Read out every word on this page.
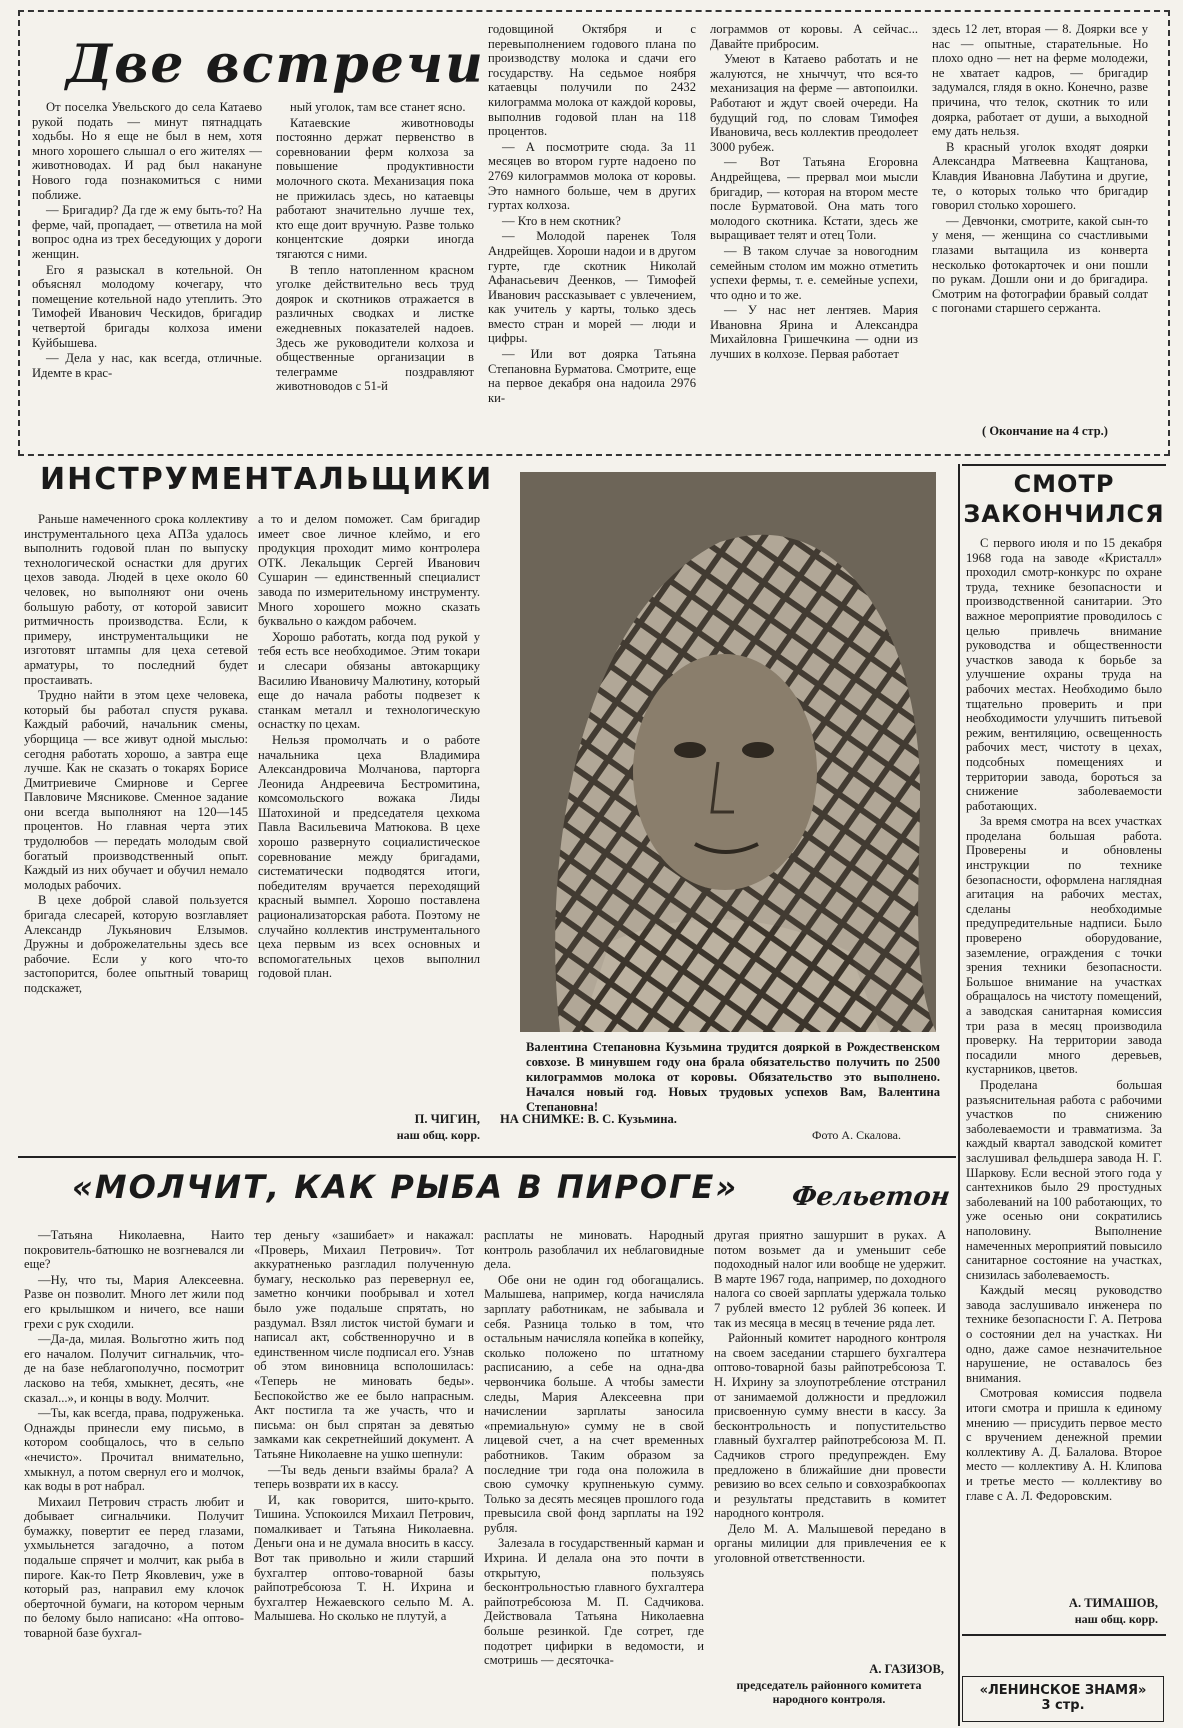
Две встречи

От поселка Увельского до села Катаево рукой подать — минут пятнадцать ходьбы. Но я еще не был в нем, хотя много хорошего слышал о его жителях — животноводах. И рад был накануне Нового года познакомиться с ними поближе.

— Бригадир? Да где ж ему быть-то? На ферме, чай, пропадает, — ответила на мой вопрос одна из трех беседующих у дороги женщин.

Его я разыскал в котельной. Он объяснял молодому кочегару, что помещение котельной надо утеплить. Это Тимофей Иванович Ческидов, бригадир четвертой бригады колхоза имени Куйбышева.

— Дела у нас, как всегда, отличные. Идемте в крас-

ный уголок, там все станет ясно.

Катаевские животноводы постоянно держат первенство в соревновании ферм колхоза за повышение продуктивности молочного скота. Механизация пока не прижилась здесь, но катаевцы работают значительно лучше тех, кто еще доит вручную. Разве только концентские доярки иногда тягаются с ними.

В тепло натопленном красном уголке действительно весь труд доярок и скотников отражается в различных сводках и листке ежедневных показателей надоев. Здесь же руководители колхоза и общественные организации в телеграмме поздравляют животноводов с 51-й

годовщиной Октября и с перевыполнением годового плана по производству молока и сдачи его государству. На седьмое ноября катаевцы получили по 2432 килограмма молока от каждой коровы, выполнив годовой план на 118 процентов.

— А посмотрите сюда. За 11 месяцев во втором гурте надоено по 2769 килограммов молока от коровы. Это намного больше, чем в других гуртах колхоза.

— Кто в нем скотник?

— Молодой паренек Толя Андрейщев. Хороши надои и в другом гурте, где скотник Николай Афанасьевич Деенков, — Тимофей Иванович рассказывает с увлечением, как учитель у карты, только здесь вместо стран и морей — люди и цифры.

— Или вот доярка Татьяна Степановна Бурматова. Смотрите, еще на первое декабря она надоила 2976 ки-

лограммов от коровы. А сейчас... Давайте прибросим.

Умеют в Катаево работать и не жалуются, не хныччут, что вся-то механизация на ферме — автопоилки. Работают и ждут своей очереди. На будущий год, по словам Тимофея Ивановича, весь коллектив преодолеет 3000 рубеж.

— Вот Татьяна Егоровна Андрейщева, — прервал мои мысли бригадир, — которая на втором месте после Бурматовой. Она мать того молодого скотника. Кстати, здесь же выращивает телят и отец Толи.

— В таком случае за новогодним семейным столом им можно отметить успехи фермы, т. е. семейные успехи, что одно и то же.

— У нас нет лентяев. Мария Ивановна Ярина и Александра Михайловна Гришечкина — одни из лучших в колхозе. Первая работает

здесь 12 лет, вторая — 8. Доярки все у нас — опытные, старательные. Но плохо одно — нет на ферме молодежи, не хватает кадров, — бригадир задумался, глядя в окно. Конечно, разве причина, что телок, скотник то или доярка, работает от души, а выходной ему дать нельзя.

В красный уголок входят доярки Александра Матвеевна Кащтанова, Клавдия Ивановна Лабутина и другие, те, о которых только что бригадир говорил столько хорошего.

— Девчонки, смотрите, какой сын-то у меня, — женщина со счастливыми глазами вытащила из конверта несколько фотокарточек и они пошли по рукам. Дошли они и до бригадира. Смотрим на фотографии бравый солдат с погонами старшего сержанта.

( Окончание на 4 стр.)
ИНСТРУМЕНТАЛЬЩИКИ

Раньше намеченного срока коллективу инструментального цеха АПЗа удалось выполнить годовой план по выпуску технологической оснастки для других цехов завода. Людей в цехе около 60 человек, но выполняют они очень большую работу, от которой зависит ритмичность производства. Если, к примеру, инструментальщики не изготовят штампы для цеха сетевой арматуры, то последний будет простаивать.

Трудно найти в этом цехе человека, который бы работал спустя рукава. Каждый рабочий, начальник смены, уборщица — все живут одной мыслью: сегодня работать хорошо, а завтра еще лучше. Как не сказать о токарях Борисе Дмитриевиче Смирнове и Сергее Павловиче Мясникове. Сменное задание они всегда выполняют на 120—145 процентов. Но главная черта этих трудолюбов — передать молодым свой богатый производственный опыт. Каждый из них обучает и обучил немало молодых рабочих.

В цехе доброй славой пользуется бригада слесарей, которую возглавляет Александр Лукьянович Елзымов. Дружны и доброжелательны здесь все рабочие. Если у кого что-то застопорится, более опытный товарищ подскажет,

а то и делом поможет. Сам бригадир имеет свое личное клеймо, и его продукция проходит мимо контролера ОТК. Лекальщик Сергей Иванович Сушарин — единственный специалист завода по измерительному инструменту. Много хорошего можно сказать буквально о каждом рабочем.

Хорошо работать, когда под рукой у тебя есть все необходимое. Этим токари и слесари обязаны автокарщику Василию Ивановичу Малютину, который еще до начала работы подвезет к станкам металл и технологическую оснастку по цехам.

Нельзя промолчать и о работе начальника цеха Владимира Александровича Молчанова, парторга Леонида Андреевича Бестромитина, комсомольского вожака Лиды Шатохиной и председателя цехкома Павла Васильевича Матюкова. В цехе хорошо развернуто социалистическое соревнование между бригадами, систематически подводятся итоги, победителям вручается переходящий красный вымпел. Хорошо поставлена рационализаторская работа. Поэтому не случайно коллектив инструментального цеха первым из всех основных и вспомогательных цехов выполнил годовой план.

П. ЧИГИН,
наш общ. корр.
Валентина Степановна Кузьмина трудится дояркой в Рождественском совхозе. В минувшем году она брала обязательство получить по 2500 килограммов молока от коровы. Обязательство это выполнено. Начался новый год. Новых трудовых успехов Вам, Валентина Степановна!
НА СНИМКЕ: В. С. Кузьмина.
Фото А. Скалова.
СМОТР
ЗАКОНЧИЛСЯ

С первого июля и по 15 декабря 1968 года на заводе «Кристалл» проходил смотр-конкурс по охране труда, технике безопасности и производственной санитарии. Это важное мероприятие проводилось с целью привлечь внимание руководства и общественности участков завода к борьбе за улучшение охраны труда на рабочих местах. Необходимо было тщательно проверить и при необходимости улучшить питьевой режим, вентиляцию, освещенность рабочих мест, чистоту в цехах, подсобных помещениях и территории завода, бороться за снижение заболеваемости работающих.

За время смотра на всех участках проделана большая работа. Проверены и обновлены инструкции по технике безопасности, оформлена наглядная агитация на рабочих местах, сделаны необходимые предупредительные надписи. Было проверено оборудование, заземление, ограждения с точки зрения техники безопасности. Большое внимание на участках обращалось на чистоту помещений, а заводская санитарная комиссия три раза в месяц производила проверку. На территории завода посадили много деревьев, кустарников, цветов.

Проделана большая разъяснительная работа с рабочими участков по снижению заболеваемости и травматизма. За каждый квартал заводской комитет заслушивал фельдшера завода Н. Г. Шаркову. Если весной этого года у сантехников было 29 простудных заболеваний на 100 работающих, то уже осенью они сократились наполовину. Выполнение намеченных мероприятий повысило санитарное состояние на участках, снизилась заболеваемость.

Каждый месяц руководство завода заслушивало инженера по технике безопасности Г. А. Петрова о состоянии дел на участках. Ни одно, даже самое незначительное нарушение, не оставалось без внимания.

Смотровая комиссия подвела итоги смотра и пришла к единому мнению — присудить первое место с вручением денежной премии коллективу А. Д. Балалова. Второе место — коллективу А. Н. Клипова и третье место — коллективу во главе с А. Л. Федоровским.

А. ТИМАШОВ,
наш общ. корр.
«МОЛЧИТ, КАК РЫБА В ПИРОГЕ» Фельетон

—Татьяна Николаевна, Наито покровитель-батюшко не возгневался ли еще?

—Ну, что ты, Мария Алексеевна. Разве он позволит. Много лет жили под его крылышком и ничего, все наши грехи с рук сходили.

—Да-да, милая. Вольготно жить под его началом. Получит сигнальчик, что-де на базе неблагополучно, посмотрит ласково на тебя, хмыкнет, десять, «не сказал...», и концы в воду. Молчит.

—Ты, как всегда, права, подруженька. Однажды принесли ему письмо, в котором сообщалось, что в сельпо «нечисто». Прочитал внимательно, хмыкнул, а потом свернул его и молчок, как воды в рот набрал.

Михаил Петрович страсть любит и добывает сигнальчики. Получит бумажку, повертит ее перед глазами, ухмыльнется загадочно, а потом подальше спрячет и молчит, как рыба в пироге. Как-то Петр Яковлевич, уже в который раз, направил ему клочок оберточной бумаги, на котором черным по белому было написано: «На оптово-товарной базе бухгал-

тер деньгу «зашибает» и накажал: «Проверь, Михаил Петрович». Тот аккуратненько разгладил полученную бумагу, несколько раз перевернул ее, заметно кончики пообрывал и хотел было уже подальше спрятать, но раздумал. Взял листок чистой бумаги и написал акт, собственноручно и в единственном числе подписал его. Узнав об этом виновница всполошилась: «Теперь не миновать беды». Беспокойство же ее было напрасным. Акт постигла та же участь, что и письма: он был спрятан за девятью замками как секретнейший документ. А Татьяне Николаевне на ушко шепнули:

—Ты ведь деньги взаймы брала? А теперь возврати их в кассу.

И, как говорится, шито-крыто. Тишина. Успокоился Михаил Петрович, помалкивает и Татьяна Николаевна. Деньги она и не думала вносить в кассу. Вот так привольно и жили старший бухгалтер оптово-товарной базы райпотребсоюза Т. Н. Ихрина и бухгалтер Нежаевского сельпо М. А. Малышева. Но сколько не плутуй, а

расплаты не миновать. Народный контроль разоблачил их неблаговидные дела.

Обе они не один год обогащались. Малышева, например, когда начисляла зарплату работникам, не забывала и себя. Разница только в том, что остальным начисляла копейка в копейку, сколько положено по штатному расписанию, а себе на одна-два червончика больше. А чтобы замести следы, Мария Алексеевна при начислении зарплаты заносила «премиальную» сумму не в свой лицевой счет, а на счет временных работников. Таким образом за последние три года она положила в свою сумочку крупненькую сумму. Только за десять месяцев прошлого года превысила свой фонд зарплаты на 192 рубля.

Залезала в государственный карман и Ихрина. И делала она это почти в открытую, пользуясь бесконтрольностью главного бухгалтера райпотребсоюза М. П. Садчикова. Действовала Татьяна Николаевна больше резинкой. Где сотрет, где подотрет цифирки в ведомости, и смотришь — десяточка-

другая приятно зашуршит в руках. А потом возьмет да и уменьшит себе подоходный налог или вообще не удержит. В марте 1967 года, например, по доходного налога со своей зарплаты удержала только 7 рублей вместо 12 рублей 36 копеек. И так из месяца в месяц в течение ряда лет.

Районный комитет народного контроля на своем заседании старшего бухгалтера оптово-товарной базы райпотребсоюза Т. Н. Ихрину за злоупотребление отстранил от занимаемой должности и предложил присвоенную сумму внести в кассу. За бесконтрольность и попустительство главный бухгалтер райпотребсоюза М. П. Садчиков строго предупрежден. Ему предложено в ближайшие дни провести ревизию во всех сельпо и совхозрабкоопах и результаты представить в комитет народного контроля.

Дело М. А. Малышевой передано в органы милиции для привлечения ее к уголовной ответственности.

А. ГАЗИЗОВ,
председатель районного комитета народного контроля.
«ЛЕНИНСКОЕ ЗНАМЯ»
3 стр.
